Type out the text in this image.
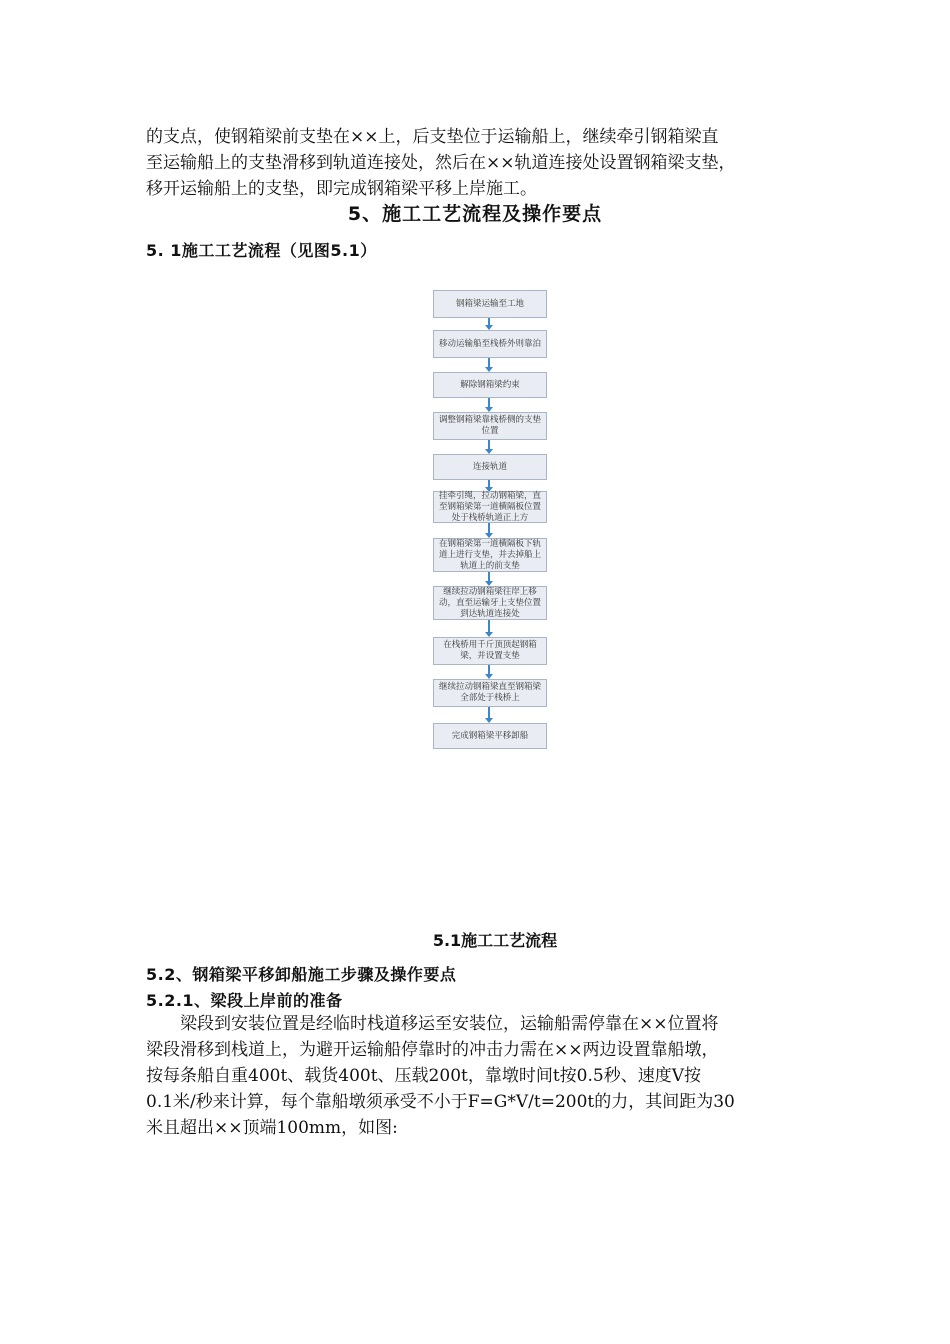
的支点，使钢箱梁前支垫在××上，后支垫位于运输船上，继续牵引钢箱梁直
至运输船上的支垫滑移到轨道连接处，然后在××轨道连接处设置钢箱梁支垫，
移开运输船上的支垫，即完成钢箱梁平移上岸施工。
5、施工工艺流程及操作要点
5. 1施工工艺流程（见图5.1）
钢箱梁运输至工地
移动运输船至栈桥外则靠泊
解除钢箱梁约束
调整钢箱梁靠栈桥侧的支垫位置
连接轨道
挂牵引绳，拉动钢箱梁，直至钢箱梁第一道横隔板位置处于栈桥轨道正上方
在钢箱梁第一道横隔板下轨道上进行支垫，并去掉船上轨道上的前支垫
继续拉动钢箱梁往岸上移动，直至运输牙上支垫位置到达轨道连接处
在栈桥用千斤顶顶起钢箱梁，并设置支垫
继续拉动钢箱梁直至钢箱梁全部处于栈桥上
完成钢箱梁平移卸船
5.1施工工艺流程
5.2、钢箱梁平移卸船施工步骤及操作要点
5.2.1、梁段上岸前的准备
　　梁段到安装位置是经临时栈道移运至安装位，运输船需停靠在××位置将
梁段滑移到栈道上，为避开运输船停靠时的冲击力需在××两边设置靠船墩，
按每条船自重400t、载货400t、压载200t，靠墩时间t按0.5秒、速度V按
0.1米/秒来计算，每个靠船墩须承受不小于F=G*V/t=200t的力，其间距为30
米且超出××顶端100mm，如图:
